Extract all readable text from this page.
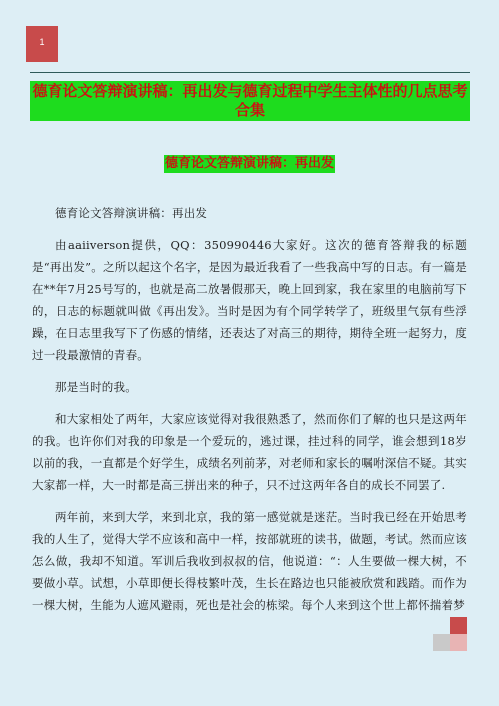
1
德育论文答辩演讲稿：再出发与德育过程中学生主体性的几点思考合集
德育论文答辩演讲稿：再出发

德育论文答辩演讲稿：再出发

由aaiiverson提供，QQ：350990446大家好。这次的德育答辩我的标题是“再出发”。之所以起这个名字，是因为最近我看了一些我高中写的日志。有一篇是在**年7月25号写的，也就是高二放暑假那天，晚上回到家，我在家里的电脑前写下的，日志的标题就叫做《再出发》。当时是因为有个同学转学了，班级里气氛有些浮躁，在日志里我写下了伤感的情绪，还表达了对高三的期待，期待全班一起努力，度过一段最激情的青春。

那是当时的我。

和大家相处了两年，大家应该觉得对我很熟悉了，然而你们了解的也只是这两年的我。也许你们对我的印象是一个爱玩的，逃过课，挂过科的同学，谁会想到18岁以前的我，一直都是个好学生，成绩名列前茅，对老师和家长的嘱咐深信不疑。其实大家都一样，大一时都是高三拼出来的种子，只不过这两年各自的成长不同罢了.

两年前，来到大学，来到北京，我的第一感觉就是迷茫。当时我已经在开始思考我的人生了，觉得大学不应该和高中一样，按部就班的读书，做题，考试。然而应该怎么做，我却不知道。军训后我收到叔叔的信，他说道：“：人生要做一棵大树，不要做小草。试想，小草即便长得枝繁叶茂，生长在路边也只能被欣赏和践踏。而作为一棵大树，生能为人遮风避雨，死也是社会的栋梁。每个人来到这个世上都怀揣着梦
